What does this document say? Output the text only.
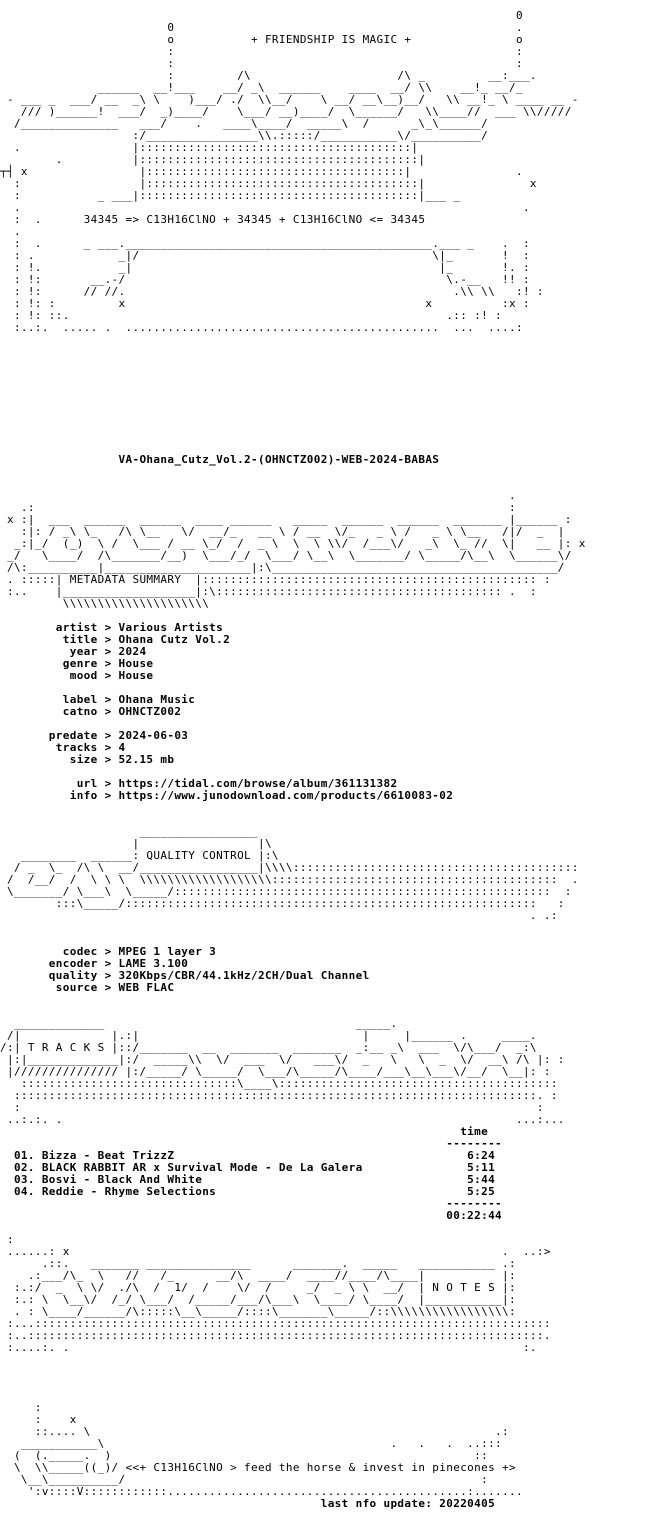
0
0                                                 .
o           + FRIENDSHIP IS MAGIC +               o
:                                                 :
:                                                 :
:         /\                     /\ _         __:___.
______  __!___    __/ _\  ______    ____  __/ \\    __!_ __/_
- ___ _  ___/ __  _\ \    )___/ ./  \\__/    \ __/ __\__)__/   \\ __!_ \ ____ __ -
/// )______!  ___/  _)____/    \___/ __)____/  \______/   \\____//  ___ \\/////
/______________   ___/    .   ____\____/  _____\  /      _\_\______/
:/________________\\.:::::/___________\/__________/
.                |:::::::::::::::::::::::::::::::::::::::|
.          |::::::::::::::::::::::::::::::::::::::::|
┬┤ x                |:::::::::::::::::::::::::::::::::::::|               .
:                 |:::::::::::::::::::::::::::::::::::::::|               x
:           _ ___|::::::::::::::::::::::::::::::::::::::::|___ _
.                                                                        .
:  .      34345 => C13H16ClNO + 34345 + C13H16ClNO <= 34345
.
:  .      _ ___.____________________________________________.___ _    .  :
: .            _|/                                          \|_       !  :
: !.           _|                                            |_       !. :
: !:       __.-/                                              \.-__   !! :
: !:      // //.                                               .\\ \\   :! :
: !: :         x                                           x          :x :
: !: ::.                                                      .:: :! :
:..:.  ..... .  .............................................  ...  ....:
VA-Ohana_Cutz_Vol.2-(OHNCTZ002)-WEB-2024-BABAS
.
.:                                                                    :
x :|  ___  ______  ______  ____ ______   _____  ______  ______  _______ |______ :
:|: / _\ \_   /\ \__   \/  __/_   __ \ / __  \/_   _ \ /   _ \ \__   /|/  _  |
_:|_/  (_)  \ /  \___ / __ \_/  /  _ \  \  \ \\/  /___\/   _\  \_ //  \|   __ |: x
_/   \____/  /\_______/__)  \___/_/  \___/ \__\  \_______/ \_____/\__\  \______\/
/\:__________|_____________________|:\_________________________________________/
. :::::| METADATA SUMMARY  |:::::::::::::::::::::::::::::::::::::::::::::::: :
:..    |___________________|:\::::::::::::::::::::::::::::::::::::::::: .  :
\\\\\\\\\\\\\\\\\\\\\
artist > Various Artists
title > Ohana Cutz Vol.2
year > 2024
genre > House
mood > House

label > Ohana Music
catno > OHNCTZ002

predate > 2024-06-03
tracks > 4
size > 52.15 mb

url > https://tidal.com/browse/album/361131382
info > https://www.junodownload.com/products/6610083-02
_________________
|                 |\
________  ______: QUALITY CONTROL |:\
/ _  \_  /\ \  __/_________________|\\\\:::::::::::::::::::::::::::::::::::::::::
/  /__/  /  \ \ \  \\\\\\\\\\\\\\\\\\\:::::::::::::::::::::::::::::::::::::::::  .
\_______/ \___\  \_____/::::::::::::::::::::::::::::::::::::::::::::::::::::::  :
:::\_____/:::::::::::::::::::::::::::::::::::::::::::::::::::::::::::   :
. .:
codec > MPEG 1 layer 3
encoder > LAME 3.100
quality > 320Kbps/CBR/44.1kHz/2CH/Dual Channel
source > WEB FLAC
_____________                                    _____.
/|             |.:|                                |     |______ .     ____.
/:| T R A C K S |::/_______  __  _______  _______  _:__ _\  ___  \/\___/  _:\
|:|_____________|:/  _____\\  \/  ___  \/   ___\/  _   \   \  _  \/  __\ /\ |: :
|/////////////// |:/_____/ \_____/  \___/\_____/\____/___\__\___\/__/  \__|: :
:::::::::::::::::::::::::::::::\____\::::::::::::::::::::::::::::::::::::::::
:::::::::::::::::::::::::::::::::::::::::::::::::::::::::::::::::::::::::::. :
:                                                                          :
..:.:. .                                                                 ...:...
time
--------
01. Bizza - Beat TrizzZ                                          6:24
02. BLACK RABBIT AR x Survival Mode - De La Galera               5:11
03. Bosvi - Black And White                                      5:44
04. Reddie - Rhyme Selections                                    5:25
--------
00:22:44
:
......: x                                                              .  ..:>
.::.   _______ _______________      _______.  _____   ___________ .:
.:___/\_  \   //   /_      __/\  ____/  ____//____/\____|           |:
:.:/  _  \ \/  ./\  /  1/  /    \/  /     _/  _ \ \  __/  | N O T E S |:
:.: \  \__\/  /_/ \___/  /_____/___/\___\  \____/ \____/  |___________|:
. : \____/______/\:::::\__\_____/::::\_______\_____/::\\\\\\\\\\\\\\\\\:
:...::::::::::::::::::::::::::::::::::::::::::::::::::::::::::::::::::::::::::
:..::::::::::::::::::::::::::::::::::::::::::::::::::::::::::::::::::::::::::.
:....:. .                                                                 :.
:
:    x
::.... \                                                          .:
___________\                                         .   .   .  ..:::
(  (._____.  )                                                    ::
\  \\_____((_)/ <<+ C13H16ClNO > feed the horse & invest in pinecones +>
\__\__________/                                                   :
':v::::V::::::::::::...........................................:.......
last nfo update: 20220405
